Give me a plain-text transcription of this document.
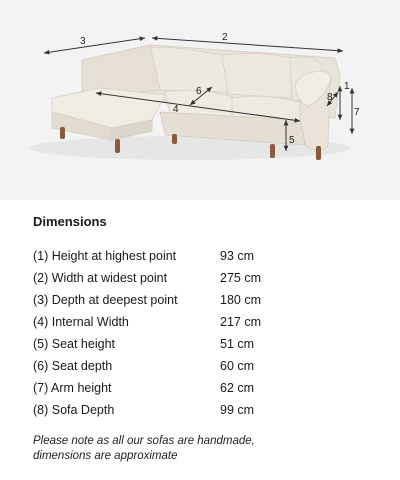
3	2
4
6
5
1
7
8
Dimensions
(1) Height at highest point	93 cm
(2) Width at widest point	275 cm
(3) Depth at deepest point	180 cm
(4) Internal Width	217 cm
(5) Seat height	51 cm
(6) Seat depth	60 cm
(7) Arm height	62 cm
(8) Sofa Depth	99 cm
Please note as all our sofas are handmade,
dimensions are approximate
